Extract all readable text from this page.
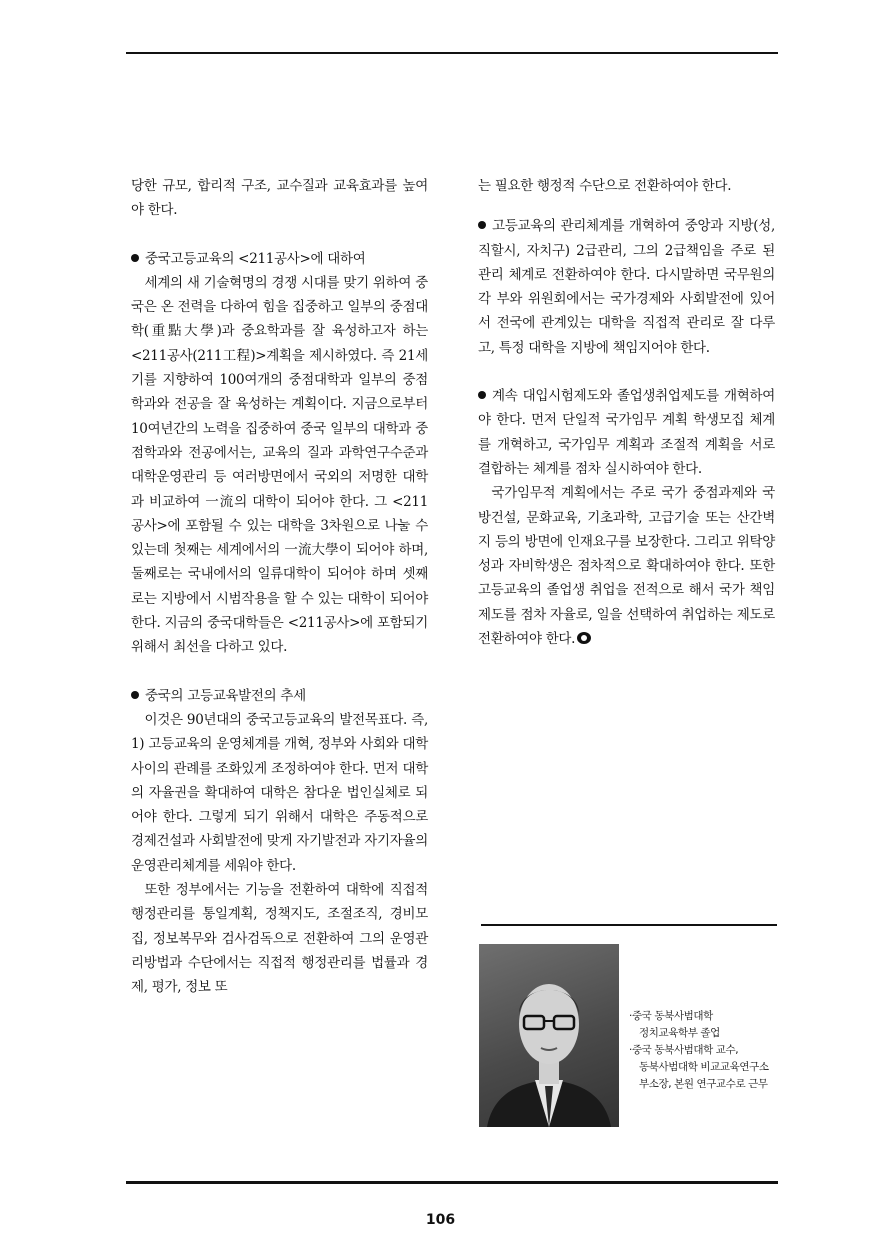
당한 규모, 합리적 구조, 교수질과 교육효과를 높여야 한다.

중국고등교육의 <211공사>에 대하여

세계의 새 기술혁명의 경쟁 시대를 맞기 위하여 중국은 온 전력을 다하여 힘을 집중하고 일부의 중점대학(重點大學)과 중요학과를 잘 육성하고자 하는 <211공사(211工程)>계획을 제시하였다. 즉 21세기를 지향하여 100여개의 중점대학과 일부의 중점학과와 전공을 잘 육성하는 계획이다. 지금으로부터 10여년간의 노력을 집중하여 중국 일부의 대학과 중점학과와 전공에서는, 교육의 질과 과학연구수준과 대학운영관리 등 여러방면에서 국외의 저명한 대학과 비교하여 一流의 대학이 되어야 한다. 그 <211공사>에 포함될 수 있는 대학을 3차원으로 나눌 수 있는데 첫째는 세계에서의 一流大學이 되어야 하며, 둘째로는 국내에서의 일류대학이 되어야 하며 셋째로는 지방에서 시범작용을 할 수 있는 대학이 되어야 한다. 지금의 중국대학들은 <211공사>에 포함되기 위해서 최선을 다하고 있다.

중국의 고등교육발전의 추세

이것은 90년대의 중국고등교육의 발전목표다. 즉, 1) 고등교육의 운영체계를 개혁, 정부와 사회와 대학사이의 관례를 조화있게 조정하여야 한다. 먼저 대학의 자율권을 확대하여 대학은 참다운 법인실체로 되어야 한다. 그렇게 되기 위해서 대학은 주동적으로 경제건설과 사회발전에 맞게 자기발전과 자기자율의 운영관리체계를 세워야 한다.

또한 정부에서는 기능을 전환하여 대학에 직접적 행정관리를 통일계획, 정책지도, 조절조직, 경비모집, 정보복무와 검사검독으로 전환하여 그의 운영관리방법과 수단에서는 직접적 행정관리를 법률과 경제, 평가, 정보 또

는 필요한 행정적 수단으로 전환하여야 한다.

고등교육의 관리체계를 개혁하여 중앙과 지방(성, 직할시, 자치구) 2급관리, 그의 2급책임을 주로 된 관리 체계로 전환하여야 한다. 다시말하면 국무원의 각 부와 위원회에서는 국가경제와 사회발전에 있어서 전국에 관계있는 대학을 직접적 관리로 잘 다루고, 특정 대학을 지방에 책임지어야 한다.

계속 대입시험제도와 졸업생취업제도를 개혁하여야 한다. 먼저 단일적 국가임무 계획 학생모집 체계를 개혁하고, 국가임무 계획과 조절적 계획을 서로 결합하는 체계를 점차 실시하여야 한다.

국가임무적 계획에서는 주로 국가 중점과제와 국방건설, 문화교육, 기초과학, 고급기술 또는 산간벽지 등의 방면에 인재요구를 보장한다. 그리고 위탁양성과 자비학생은 점차적으로 확대하여야 한다. 또한 고등교육의 졸업생 취업을 전적으로 해서 국가 책임제도를 점차 자율로, 일을 선택하여 취업하는 제도로 전환하여야 한다.

·중국 동북사범대학

정치교육학부 졸업

·중국 동북사범대학 교수,

동북사범대학 비교교육연구소

부소장, 본원 연구교수로 근무

106
